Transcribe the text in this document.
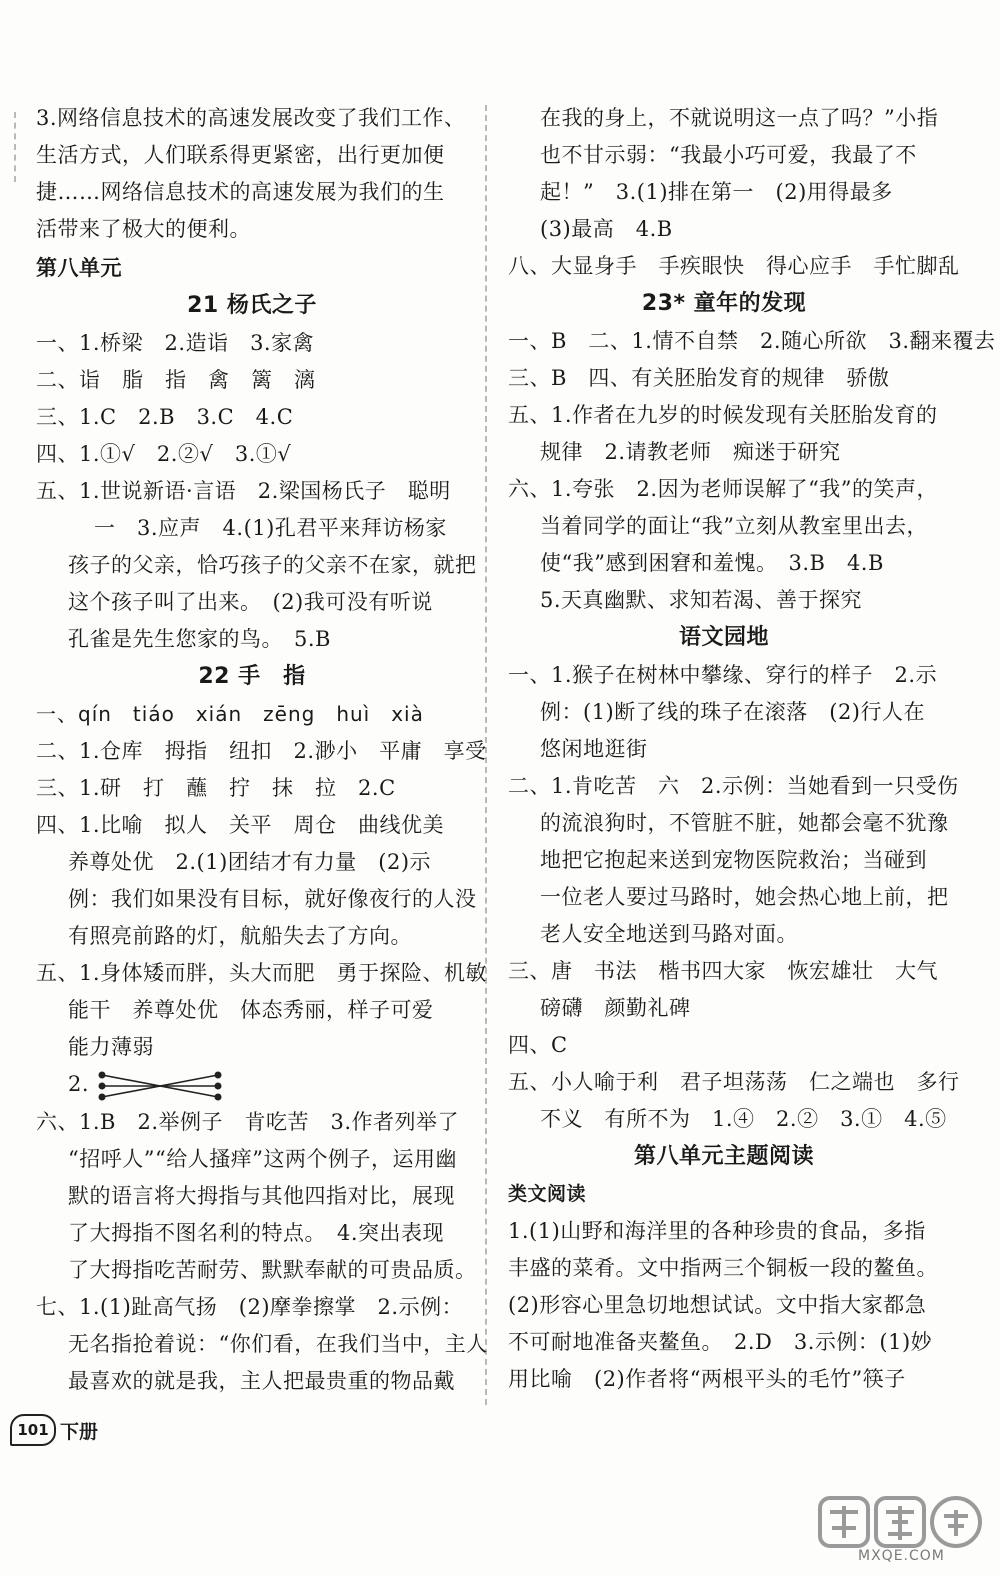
3.网络信息技术的高速发展改变了我们工作、

生活方式，人们联系得更紧密，出行更加便

捷……网络信息技术的高速发展为我们的生

活带来了极大的便利。

第八单元

21 杨氏之子

一、1.桥梁　2.造诣　3.家禽

二、诣　脂　指　禽　篱　漓

三、1.C　2.B　3.C　4.C

四、1.①√　2.②√　3.①√

五、1.世说新语·言语　2.梁国杨氏子　聪明

一　3.应声　4.(1)孔君平来拜访杨家

孩子的父亲，恰巧孩子的父亲不在家，就把

这个孩子叫了出来。　(2)我可没有听说

孔雀是先生您家的鸟。　5.B

22 手　指

一、qín　tiáo　xián　zēng　huì　xià

二、1.仓库　拇指　纽扣　2.渺小　平庸　享受

三、1.研　打　蘸　拧　抹　拉　2.C

四、1.比喻　拟人　关平　周仓　曲线优美

养尊处优　2.(1)团结才有力量　(2)示

例：我们如果没有目标，就好像夜行的人没

有照亮前路的灯，航船失去了方向。

五、1.身体矮而胖，头大而肥　勇于探险、机敏

能干　养尊处优　体态秀丽，样子可爱

能力薄弱

2.

六、1.B　2.举例子　肯吃苦　3.作者列举了

“招呼人”“给人搔痒”这两个例子，运用幽

默的语言将大拇指与其他四指对比，展现

了大拇指不图名利的特点。　4.突出表现

了大拇指吃苦耐劳、默默奉献的可贵品质。

七、1.(1)趾高气扬　(2)摩拳擦掌　2.示例：

无名指抢着说：“你们看，在我们当中，主人

最喜欢的就是我，主人把最贵重的物品戴

在我的身上，不就说明这一点了吗？”小指

也不甘示弱：“我最小巧可爱，我最了不

起！”　3.(1)排在第一　(2)用得最多

(3)最高　4.B

八、大显身手　手疾眼快　得心应手　手忙脚乱

23* 童年的发现

一、B　二、1.情不自禁　2.随心所欲　3.翻来覆去

三、B　四、有关胚胎发育的规律　骄傲

五、1.作者在九岁的时候发现有关胚胎发育的

规律　2.请教老师　痴迷于研究

六、1.夸张　2.因为老师误解了“我”的笑声，

当着同学的面让“我”立刻从教室里出去，

使“我”感到困窘和羞愧。　3.B　4.B

5.天真幽默、求知若渴、善于探究

语文园地

一、1.猴子在树林中攀缘、穿行的样子　2.示

例：(1)断了线的珠子在滚落　(2)行人在

悠闲地逛街

二、1.肯吃苦　六　2.示例：当她看到一只受伤

的流浪狗时，不管脏不脏，她都会毫不犹豫

地把它抱起来送到宠物医院救治；当碰到

一位老人要过马路时，她会热心地上前，把

老人安全地送到马路对面。

三、唐　书法　楷书四大家　恢宏雄壮　大气

磅礴　颜勤礼碑

四、C

五、小人喻于利　君子坦荡荡　仁之端也　多行

不义　有所不为　1.④　2.②　3.①　4.⑤

第八单元主题阅读

类文阅读

1.(1)山野和海洋里的各种珍贵的食品，多指

丰盛的菜肴。文中指两三个铜板一段的鳌鱼。

(2)形容心里急切地想试试。文中指大家都急

不可耐地准备夹鳌鱼。　2.D　3.示例：(1)妙

用比喻　(2)作者将“两根平头的毛竹”筷子

101 下册
MXQE.COM
